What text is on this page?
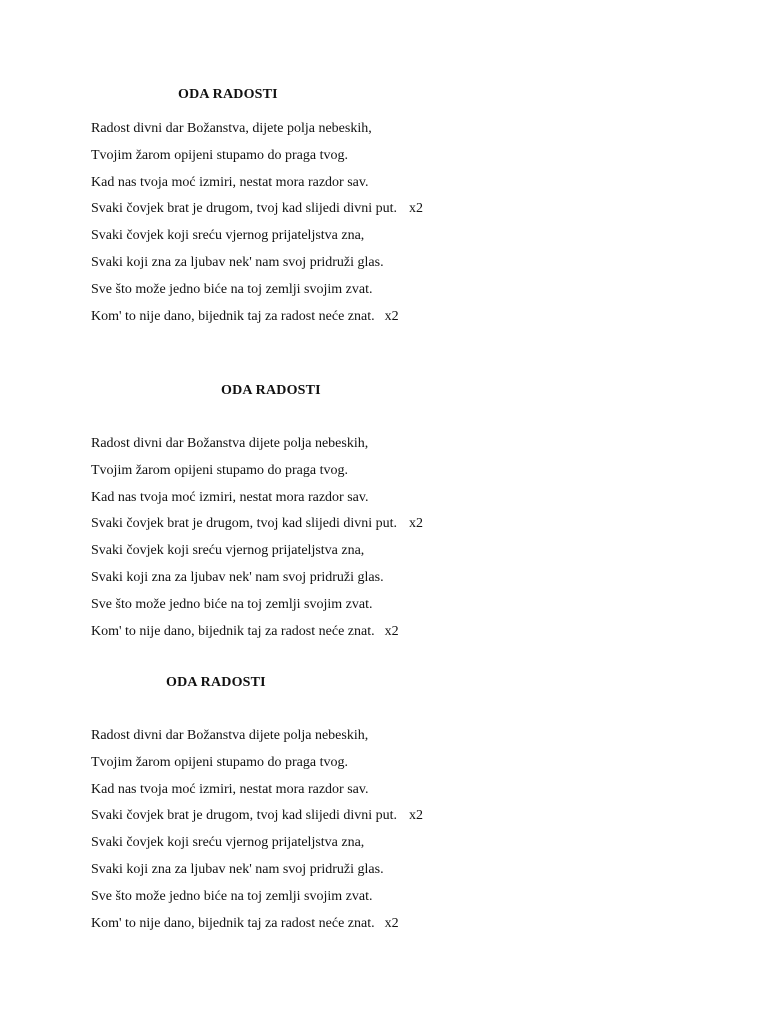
ODA RADOSTI
Radost divni dar Božanstva, dijete polja nebeskih,
Tvojim žarom opijeni stupamo do praga tvog.
Kad nas tvoja moć izmiri, nestat mora razdor sav.
Svaki čovjek brat je drugom, tvoj kad slijedi divni put. x2
Svaki čovjek koji sreću vjernog prijateljstva zna,
Svaki koji zna za ljubav nek' nam svoj pridruži glas.
Sve što može jedno biće na toj zemlji svojim zvat.
Kom' to nije dano, bijednik taj za radost neće znat. x2
ODA RADOSTI
Radost divni dar Božanstva dijete polja nebeskih,
Tvojim žarom opijeni stupamo do praga tvog.
Kad nas tvoja moć izmiri, nestat mora razdor sav.
Svaki čovjek brat je drugom, tvoj kad slijedi divni put. x2
Svaki čovjek koji sreću vjernog prijateljstva zna,
Svaki koji zna za ljubav nek' nam svoj pridruži glas.
Sve što može jedno biće na toj zemlji svojim zvat.
Kom' to nije dano, bijednik taj za radost neće znat. x2
ODA RADOSTI
Radost divni dar Božanstva dijete polja nebeskih,
Tvojim žarom opijeni stupamo do praga tvog.
Kad nas tvoja moć izmiri, nestat mora razdor sav.
Svaki čovjek brat je drugom, tvoj kad slijedi divni put. x2
Svaki čovjek koji sreću vjernog prijateljstva zna,
Svaki koji zna za ljubav nek' nam svoj pridruži glas.
Sve što može jedno biće na toj zemlji svojim zvat.
Kom' to nije dano, bijednik taj za radost neće znat. x2
